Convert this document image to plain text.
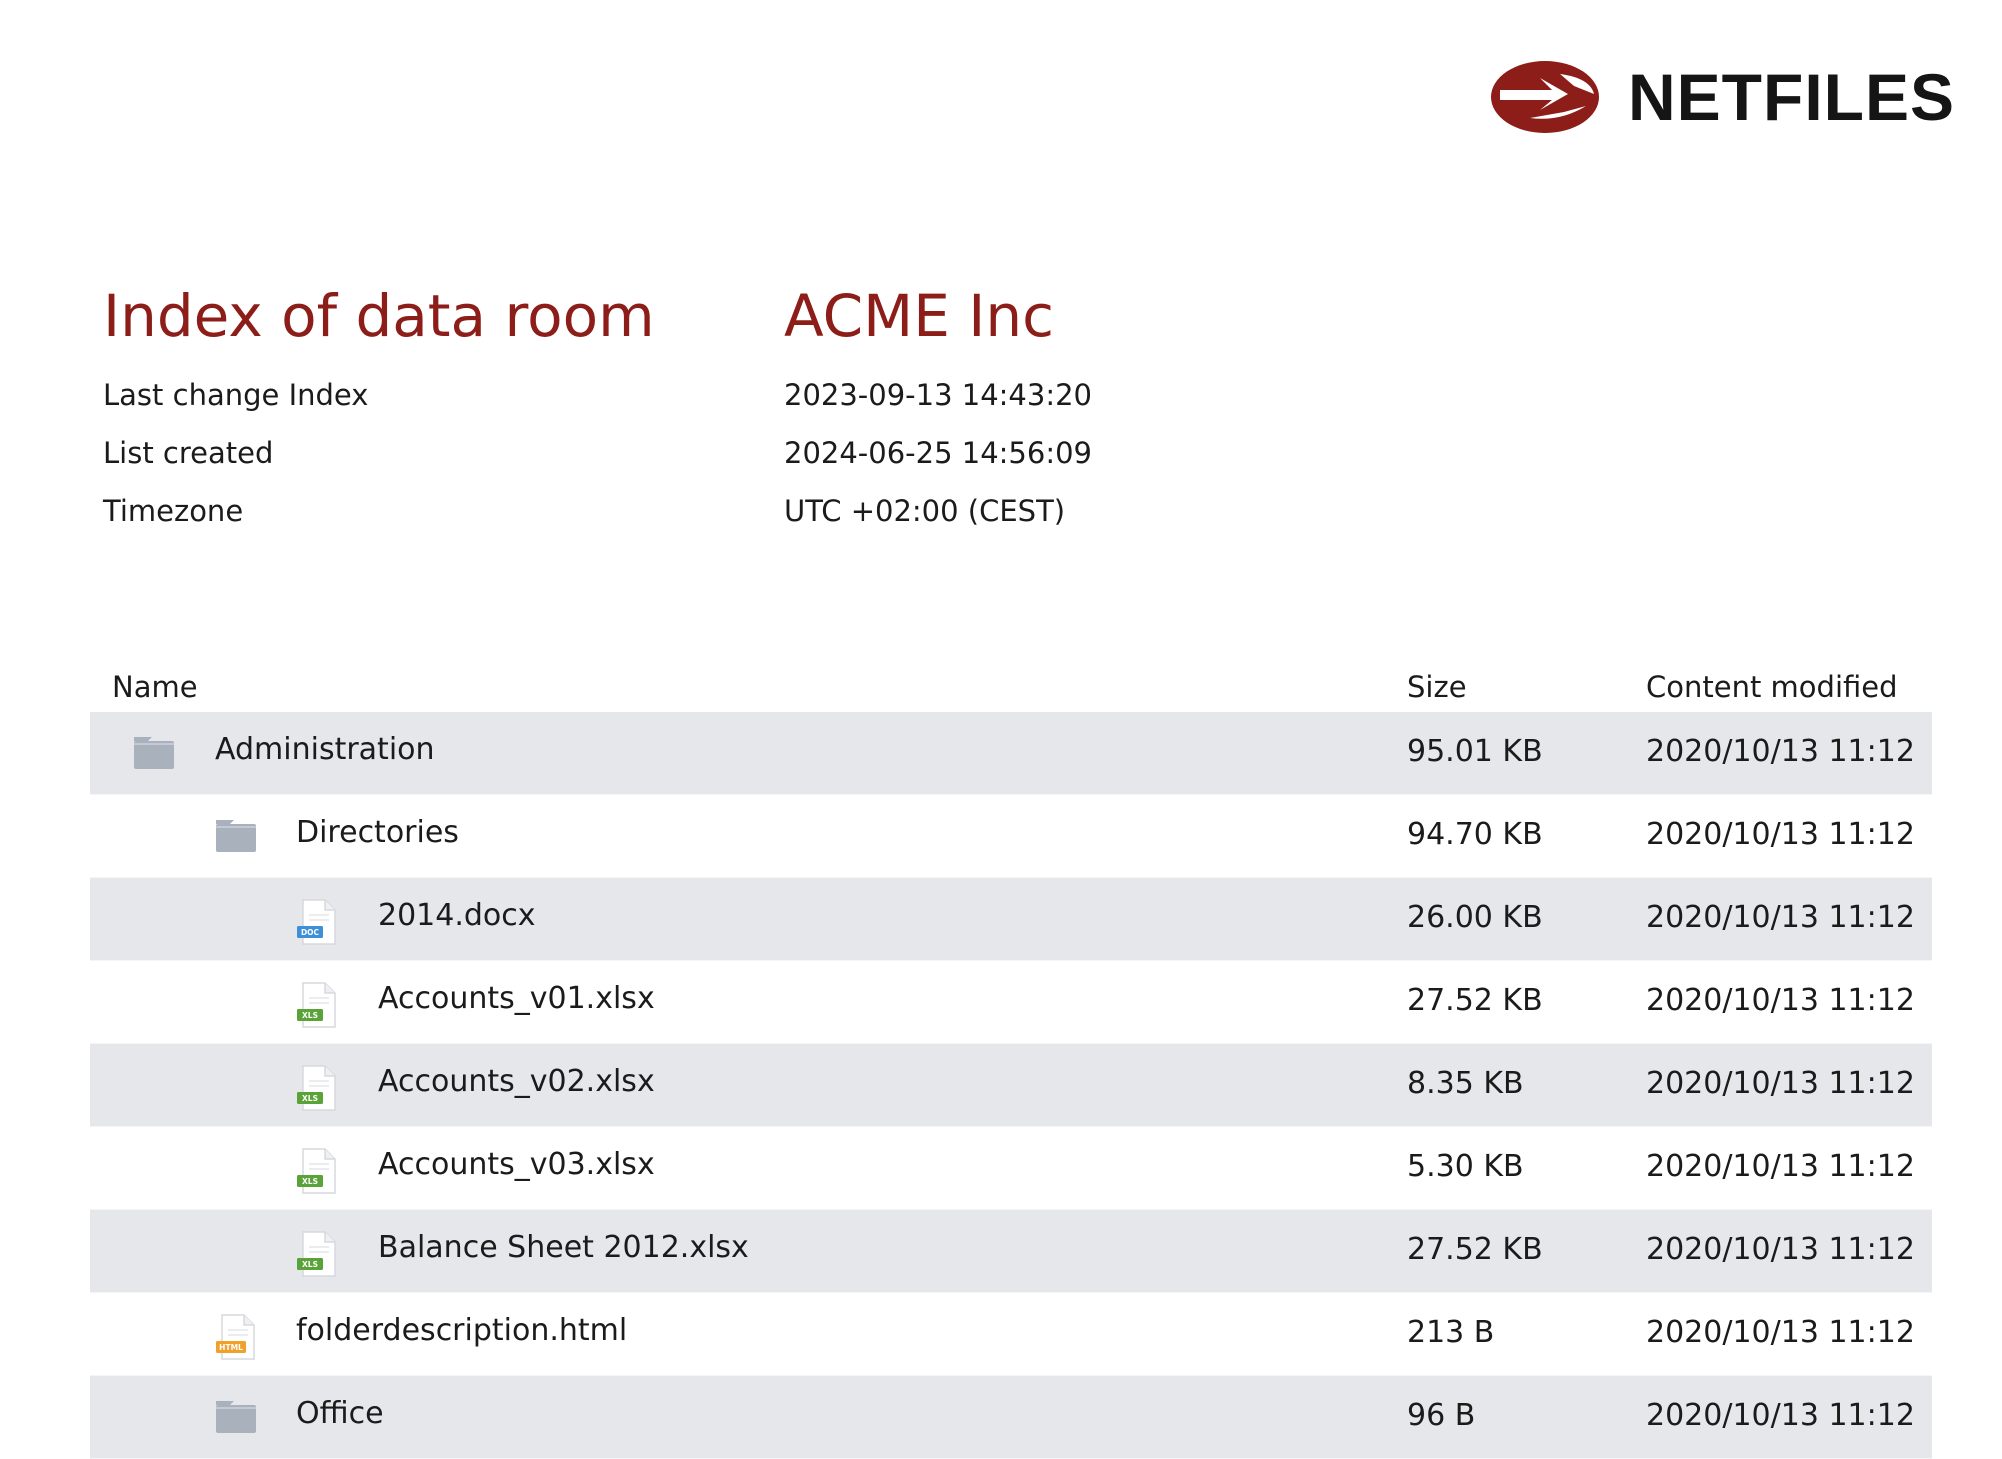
NETFILES
Index of data room ACME Inc
Last change Index	2023-09-13 14:43:20
List created	2024-06-25 14:56:09
Timezone	UTC +02:00 (CEST)
Name	Size	Content modified
Administration	95.01 KB	2020/10/13 11:12
Directories	94.70 KB	2020/10/13 11:12
DOC 2014.docx	26.00 KB	2020/10/13 11:12
XLS Accounts_v01.xlsx	27.52 KB	2020/10/13 11:12
XLS Accounts_v02.xlsx	8.35 KB	2020/10/13 11:12
XLS Accounts_v03.xlsx	5.30 KB	2020/10/13 11:12
XLS Balance Sheet 2012.xlsx	27.52 KB	2020/10/13 11:12
HTML folderdescription.html	213 B	2020/10/13 11:12
Office	96 B	2020/10/13 11:12
